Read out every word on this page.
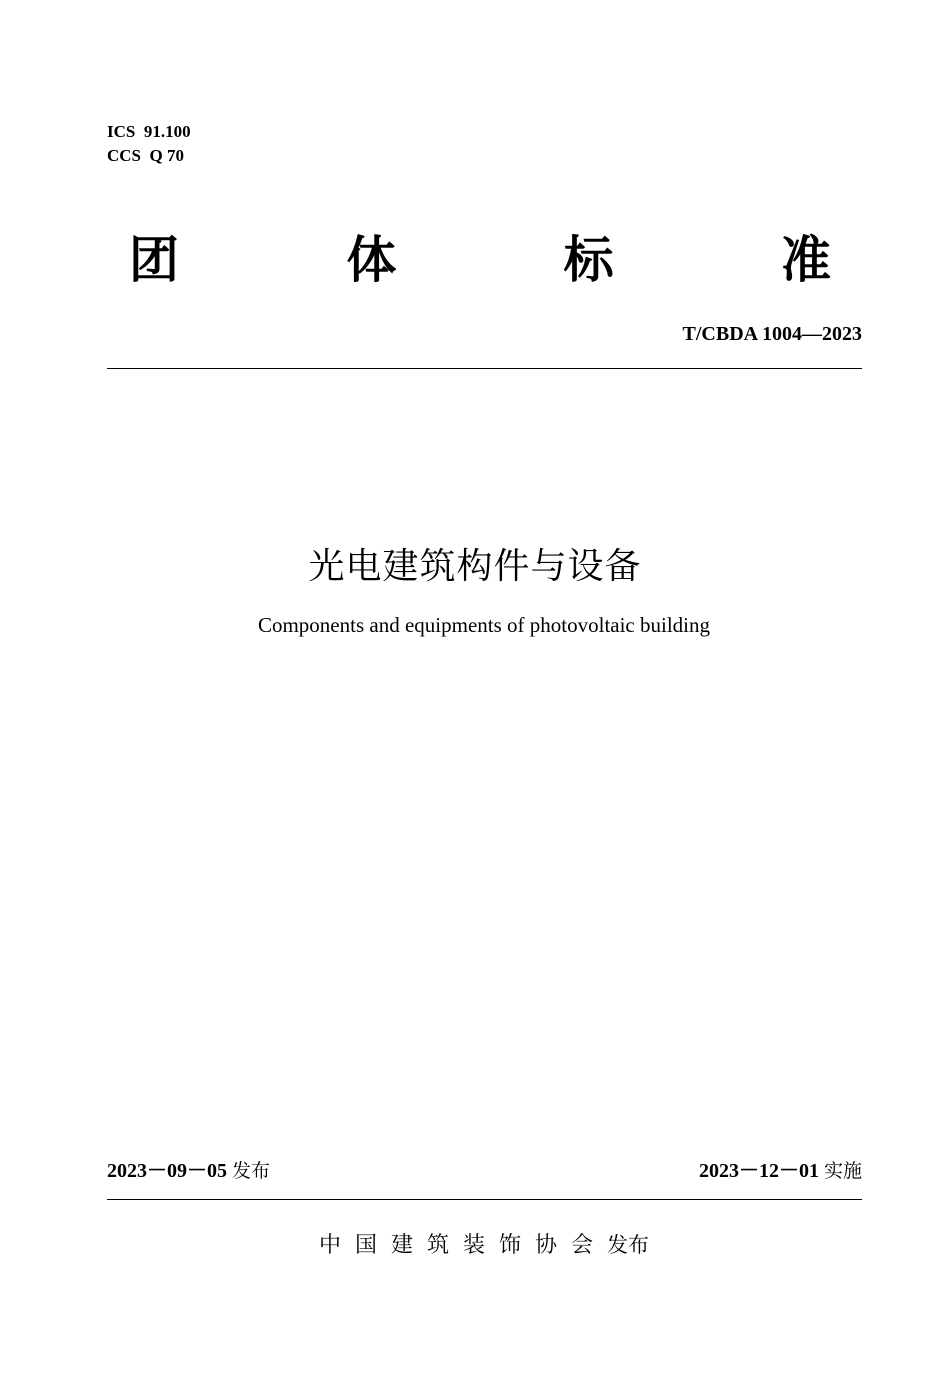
ICS  91.100
CCS  Q 70
团	体	标	准
T/CBDA 1004—2023
光电建筑构件与设备
Components and equipments of photovoltaic building
2023－09－05 发布	2023－12－01 实施
中国建筑装饰协会发布
